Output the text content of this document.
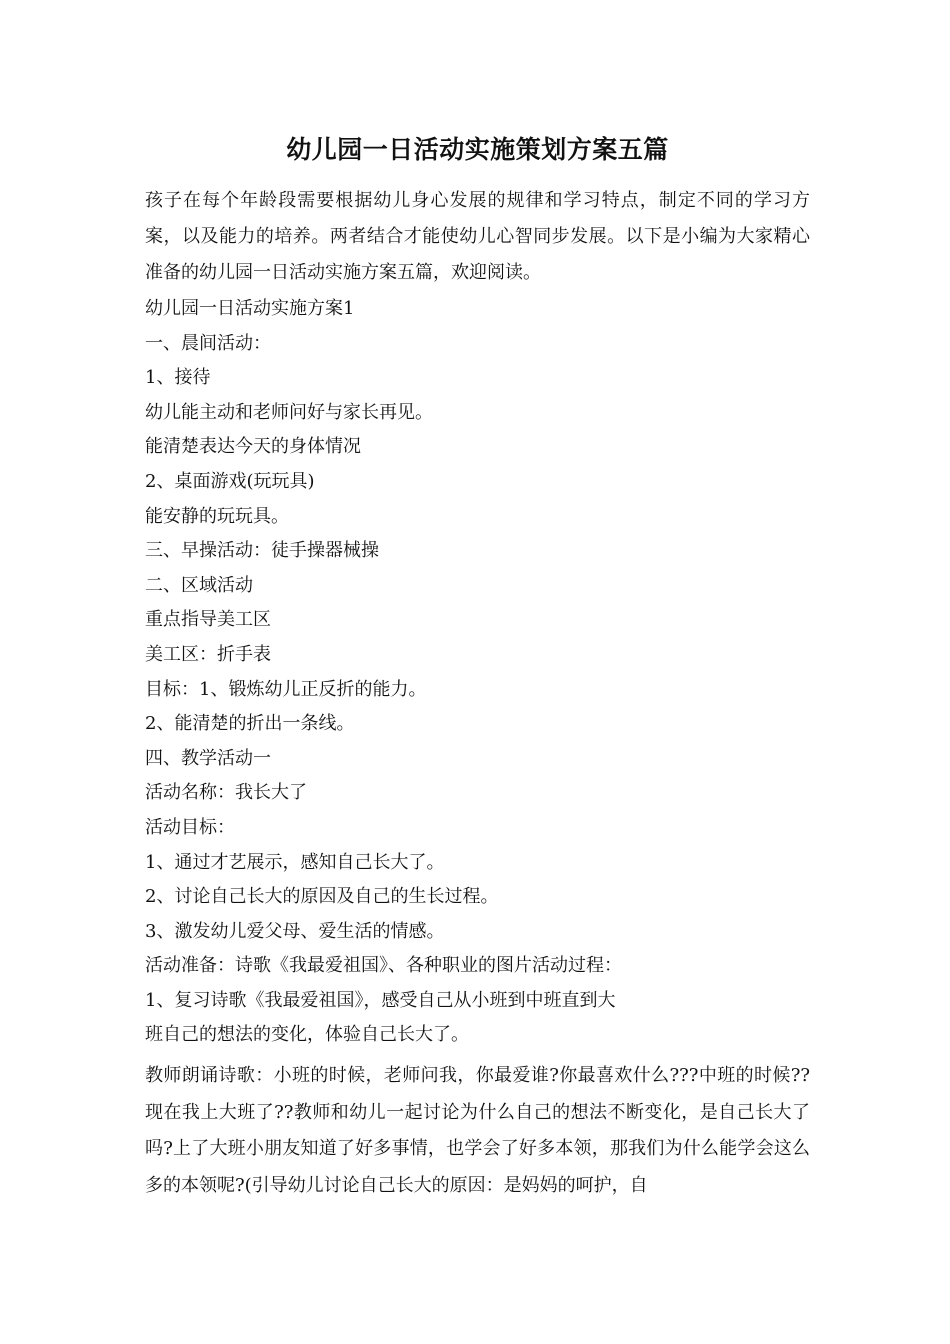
幼儿园一日活动实施策划方案五篇
孩子在每个年龄段需要根据幼儿身心发展的规律和学习特点，制定不同的学习方案，以及能力的培养。两者结合才能使幼儿心智同步发展。以下是小编为大家精心准备的幼儿园一日活动实施方案五篇，欢迎阅读。
幼儿园一日活动实施方案1
一、晨间活动：
1、接待
幼儿能主动和老师问好与家长再见。
能清楚表达今天的身体情况
2、桌面游戏(玩玩具)
能安静的玩玩具。
三、早操活动：徒手操器械操
二、区域活动
重点指导美工区
美工区：折手表
目标：1、锻炼幼儿正反折的能力。
2、能清楚的折出一条线。
四、教学活动一
活动名称：我长大了
活动目标：
1、通过才艺展示，感知自己长大了。
2、讨论自己长大的原因及自己的生长过程。
3、激发幼儿爱父母、爱生活的情感。
活动准备：诗歌《我最爱祖国》、各种职业的图片活动过程：
1、复习诗歌《我最爱祖国》，感受自己从小班到中班直到大
班自己的想法的变化，体验自己长大了。
教师朗诵诗歌：小班的时候，老师问我，你最爱谁?你最喜欢什么???中班的时候??现在我上大班了??教师和幼儿一起讨论为什么自己的想法不断变化，是自己长大了吗?上了大班小朋友知道了好多事情，也学会了好多本领，那我们为什么能学会这么多的本领呢?(引导幼儿讨论自己长大的原因：是妈妈的呵护，自
